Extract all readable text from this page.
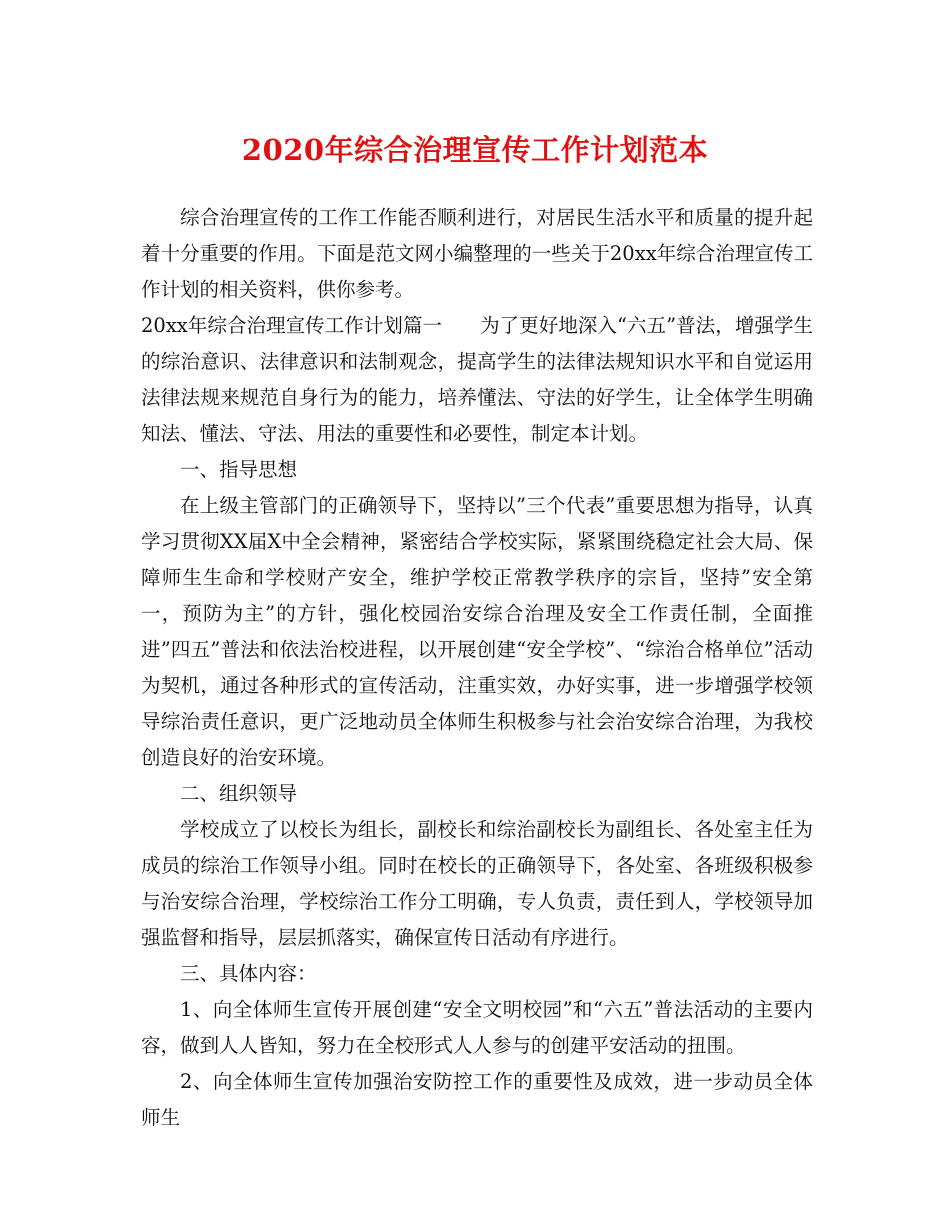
2020年综合治理宣传工作计划范本

综合治理宣传的工作工作能否顺利进行，对居民生活水平和质量的提升起着十分重要的作用。下面是范文网小编整理的一些关于20xx年综合治理宣传工作计划的相关资料，供你参考。

20xx年综合治理宣传工作计划篇一 为了更好地深入“六五”普法，增强学生的综治意识、法律意识和法制观念，提高学生的法律法规知识水平和自觉运用法律法规来规范自身行为的能力，培养懂法、守法的好学生，让全体学生明确知法、懂法、守法、用法的重要性和必要性，制定本计划。

一、指导思想

在上级主管部门的正确领导下，坚持以”三个代表”重要思想为指导，认真学习贯彻XX届X中全会精神，紧密结合学校实际，紧紧围绕稳定社会大局、保障师生生命和学校财产安全，维护学校正常教学秩序的宗旨，坚持”安全第一，预防为主”的方针，强化校园治安综合治理及安全工作责任制，全面推进”四五”普法和依法治校进程，以开展创建“安全学校”、“综治合格单位”活动为契机，通过各种形式的宣传活动，注重实效，办好实事，进一步增强学校领导综治责任意识，更广泛地动员全体师生积极参与社会治安综合治理，为我校创造良好的治安环境。

二、组织领导

学校成立了以校长为组长，副校长和综治副校长为副组长、各处室主任为成员的综治工作领导小组。同时在校长的正确领导下，各处室、各班级积极参与治安综合治理，学校综治工作分工明确，专人负责，责任到人，学校领导加强监督和指导，层层抓落实，确保宣传日活动有序进行。

三、具体内容：

1、向全体师生宣传开展创建“安全文明校园”和“六五”普法活动的主要内容，做到人人皆知，努力在全校形式人人参与的创建平安活动的扭围。

2、向全体师生宣传加强治安防控工作的重要性及成效，进一步动员全体师生
